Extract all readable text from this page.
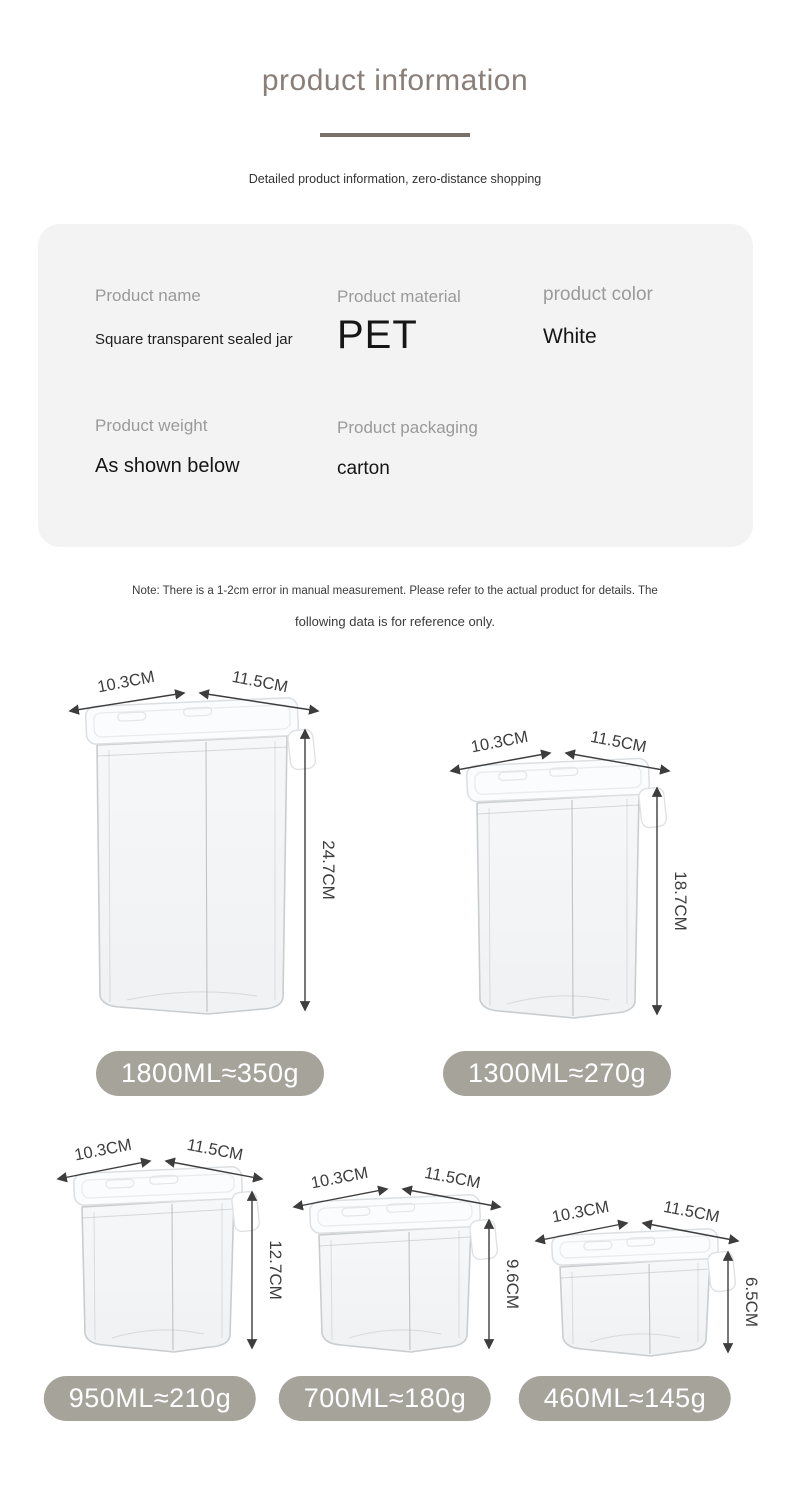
product information
Detailed product information, zero-distance shopping
Product name
Square transparent sealed jar
Product material
PET
product color
White
Product weight
As shown below
Product packaging
carton
Note: There is a 1-2cm error in manual measurement. Please refer to the actual product for details. The
following data is for reference only.
10.3CM	11.5CM
24.7CM
10.3CM	11.5CM
18.7CM
10.3CM	11.5CM
12.7CM
10.3CM	11.5CM
9.6CM
10.3CM	11.5CM
6.5CM
1800ML≈350g	1300ML≈270g
950ML≈210g	700ML≈180g	460ML≈145g
